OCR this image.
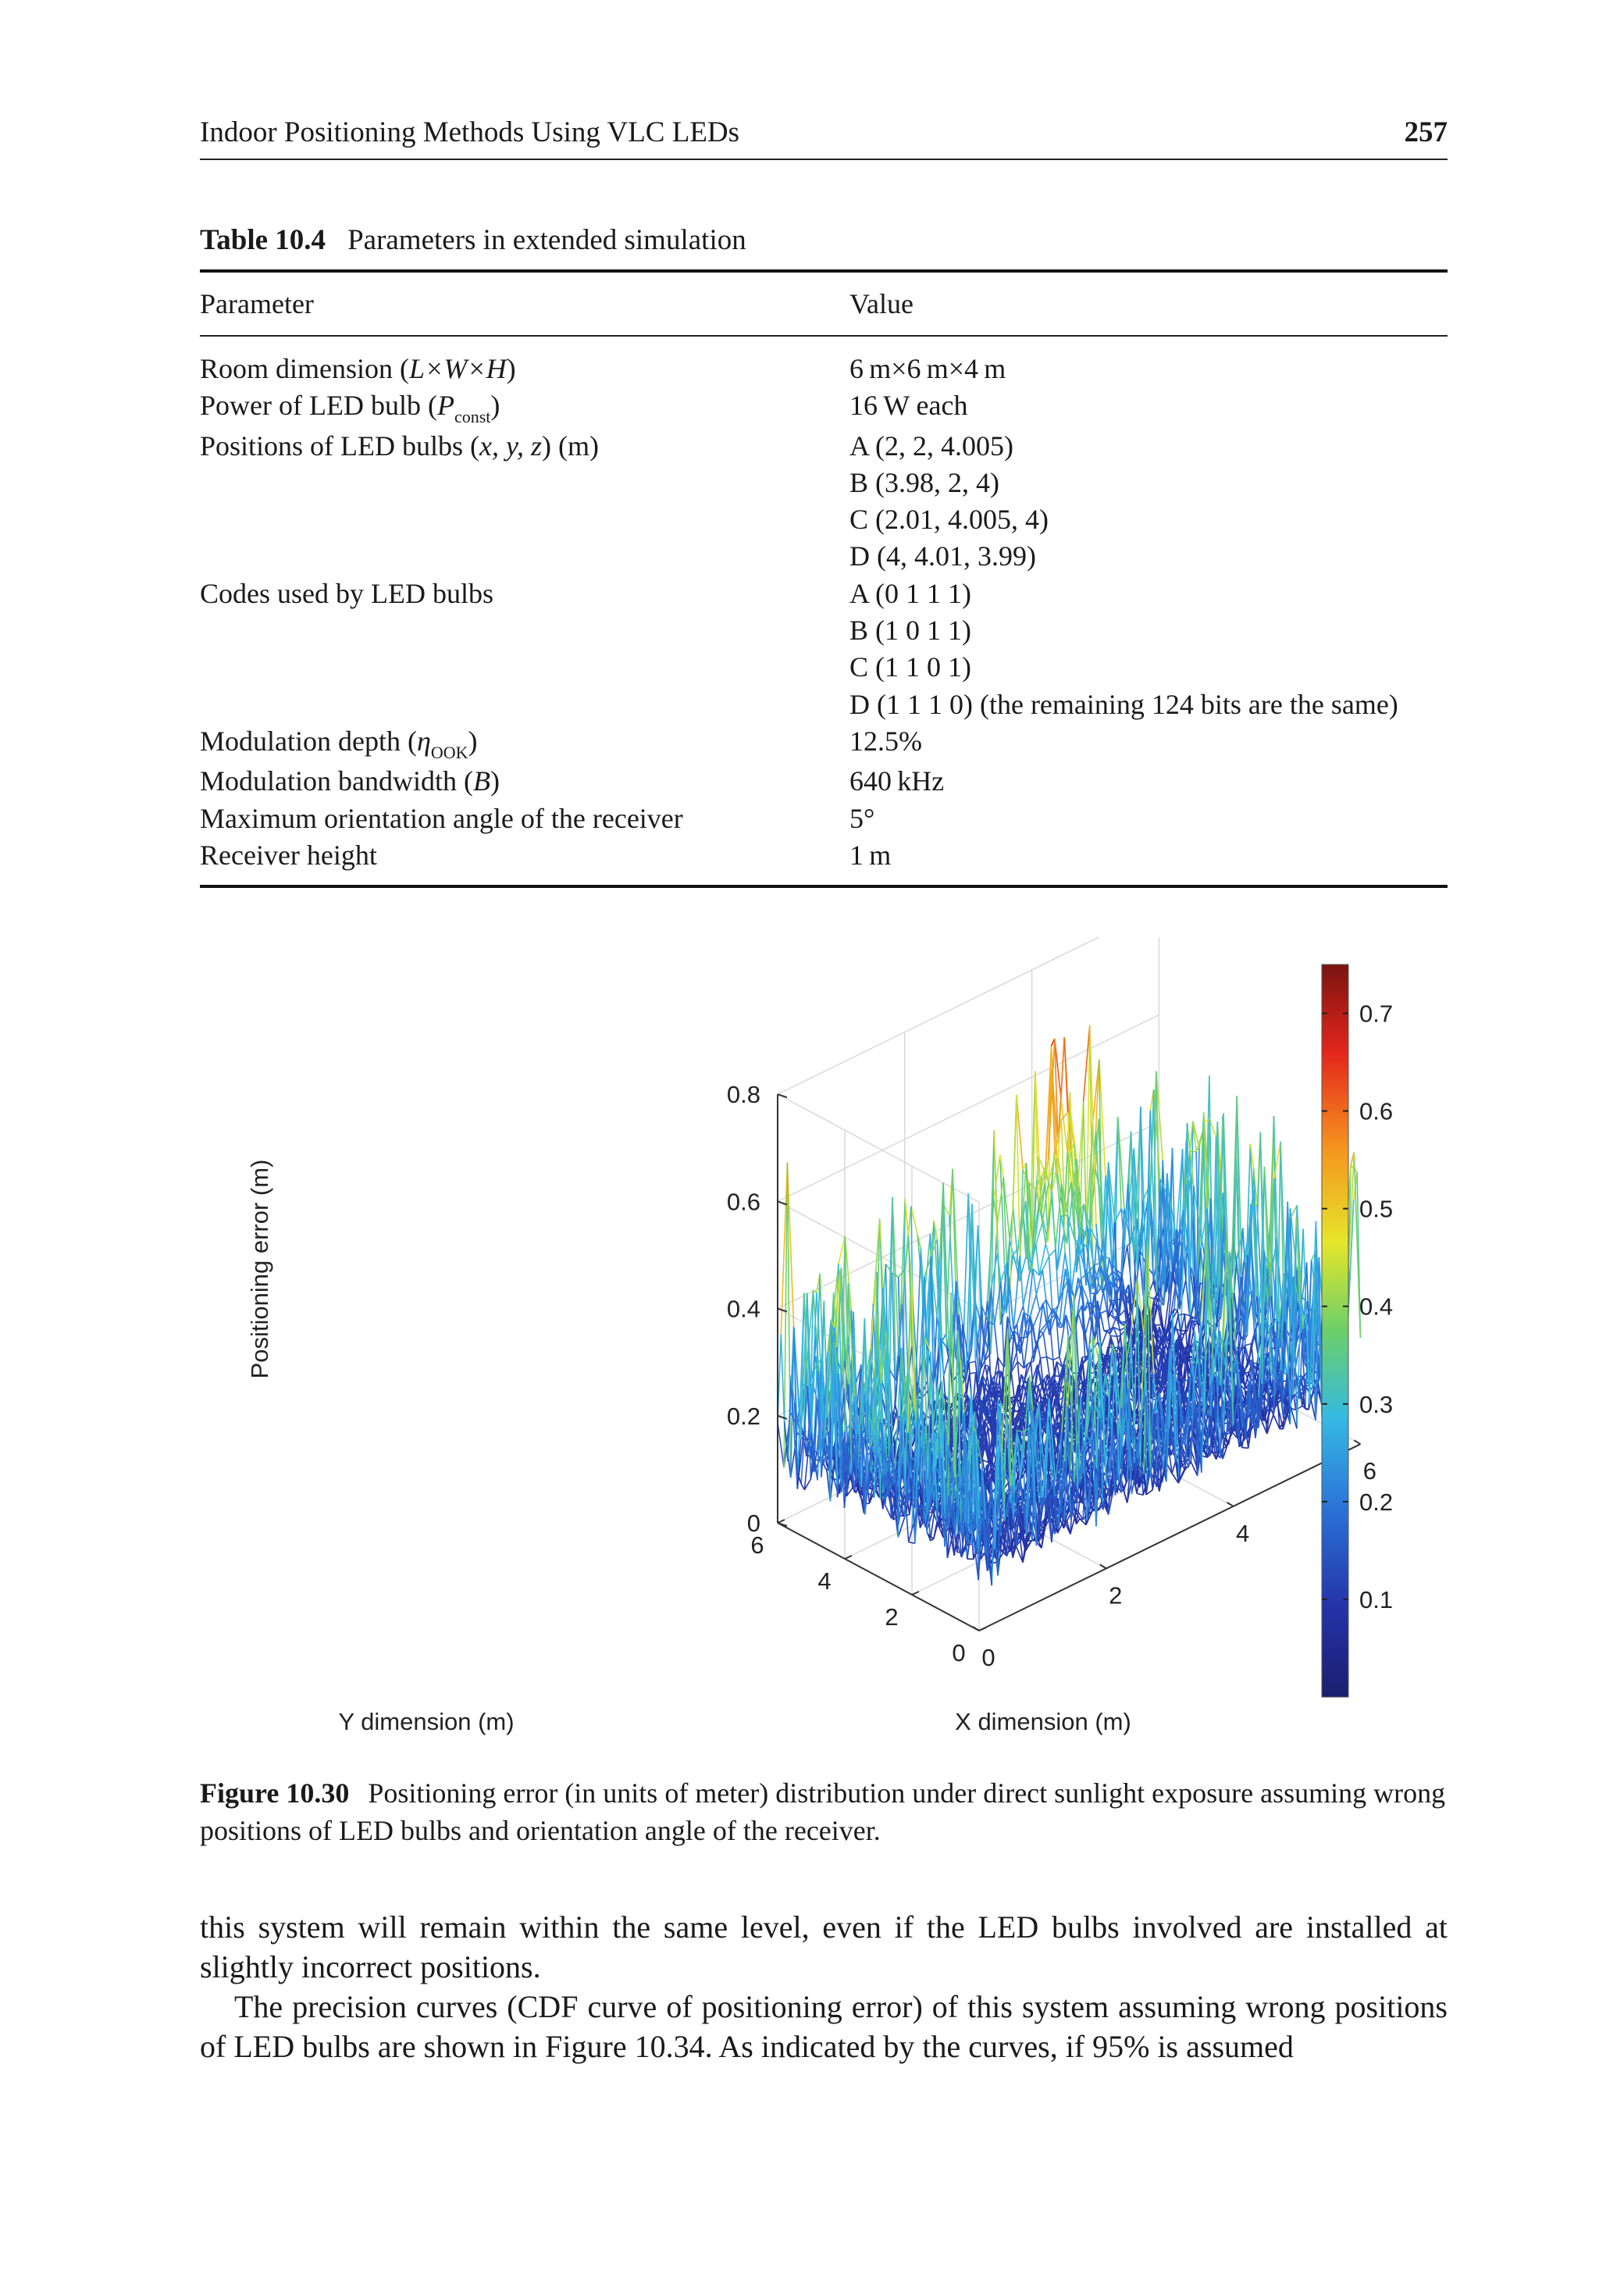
Indoor Positioning Methods Using VLC LEDs	257
Table 10.4 Parameters in extended simulation
Parameter	Value
Room dimension (L×W×H)	6 m×6 m×4 m
Power of LED bulb $(P_{const})$	16 W each
Positions of LED bulbs (x, y, z) (m)	A (2, 2, 4.005)
B (3.98, 2, 4)
C (2.01, 4.005, 4)
D (4, 4.01, 3.99)
Codes used by LED bulbs	A (0 1 1 1)
B (1 0 1 1)
C (1 1 0 1)
D (1 1 1 0) (the remaining 124 bits are the same)
Modulation depth $(\eta_{OOK})$	12.5%
Modulation bandwidth (B)	640 kHz
Maximum orientation angle of the receiver	5°
Receiver height	1 m
0
0.2
0.4
0.6
0.8
0
2
4
6
0
2
4
6
X dimension (m)
Y dimension (m)
Positioning error (m)
0.1
0.2
0.3
0.4
0.5
0.6
0.7
Figure 10.30 Positioning error (in units of meter) distribution under direct sunlight exposure assuming wrong positions of LED bulbs and orientation angle of the receiver.

this system will remain within the same level, even if the LED bulbs involved are installed at slightly incorrect positions.

The precision curves (CDF curve of positioning error) of this system assuming wrong positions of LED bulbs are shown in Figure 10.34. As indicated by the curves, if 95% is assumed
